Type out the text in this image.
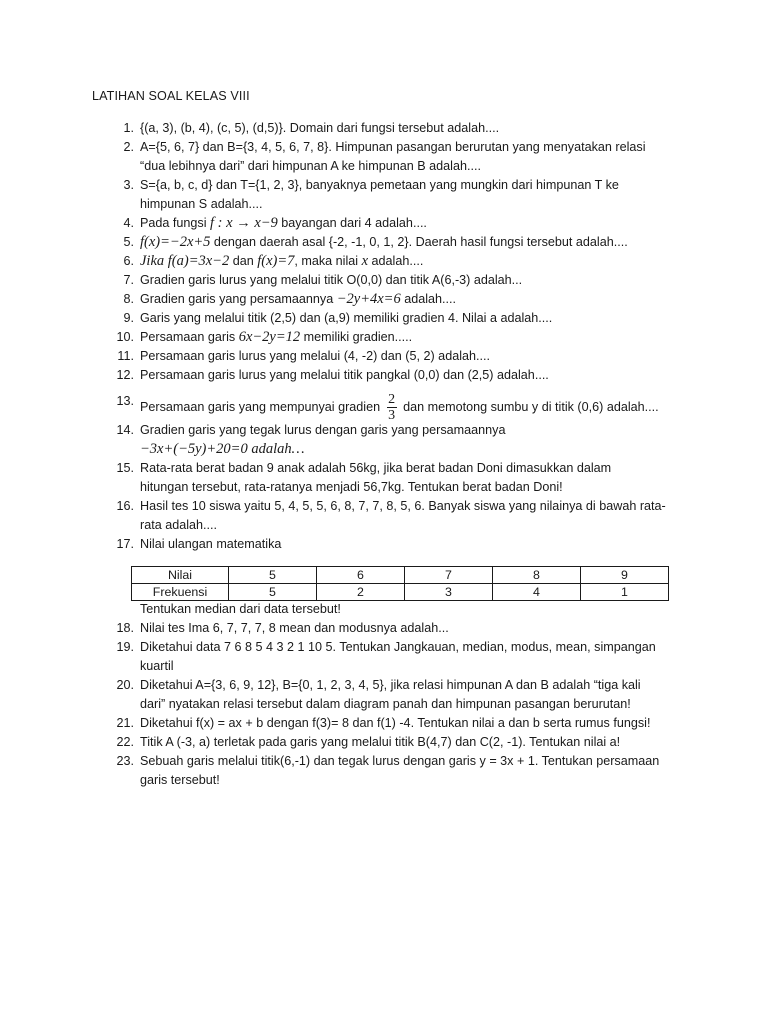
LATIHAN SOAL KELAS VIII
1. {(a, 3), (b, 4), (c, 5), (d,5)}. Domain dari fungsi tersebut adalah....
2. A={5, 6, 7} dan B={3, 4, 5, 6, 7, 8}. Himpunan pasangan berurutan yang menyatakan relasi
“dua lebihnya dari” dari himpunan A ke himpunan B adalah....
3. S={a, b, c, d} dan T={1, 2, 3}, banyaknya pemetaan yang mungkin dari himpunan T ke
himpunan S adalah....
4. Pada fungsi f : x → x−9 bayangan dari 4 adalah....
5. f(x)=−2x+5 dengan daerah asal {-2, -1, 0, 1, 2}. Daerah hasil fungsi tersebut adalah....
6. Jika f(a)=3x−2 dan f(x)=7, maka nilai x adalah....
7. Gradien garis lurus yang melalui titik O(0,0) dan titik A(6,-3) adalah...
8. Gradien garis yang persamaannya −2y+4x=6 adalah....
9. Garis yang melalui titik (2,5) dan (a,9) memiliki gradien 4. Nilai a adalah....
10. Persamaan garis 6x−2y=12 memiliki gradien.....
11. Persamaan garis lurus yang melalui (4, -2) dan (5, 2) adalah....
12. Persamaan garis lurus yang melalui titik pangkal (0,0) dan (2,5) adalah....
13. Persamaan garis yang mempunyai gradien $\frac{2}{3}$ dan memotong sumbu y di titik (0,6) adalah....
14. Gradien garis yang tegak lurus dengan garis yang persamaannya
−3x+(−5y)+20=0 adalah…
15. Rata-rata berat badan 9 anak adalah 56kg, jika berat badan Doni dimasukkan dalam
hitungan tersebut, rata-ratanya menjadi 56,7kg. Tentukan berat badan Doni!
16. Hasil tes 10 siswa yaitu 5, 4, 5, 5, 6, 8, 7, 7, 8, 5, 6. Banyak siswa yang nilainya di bawah rata-
rata adalah....
17. Nilai ulangan matematika
Tentukan median dari data tersebut!
18. Nilai tes Ima 6, 7, 7, 7, 8 mean dan modusnya adalah...
19. Diketahui data 7 6 8 5 4 3 2 1 10 5. Tentukan Jangkauan, median, modus, mean, simpangan
kuartil
20. Diketahui A={3, 6, 9, 12}, B={0, 1, 2, 3, 4, 5}, jika relasi himpunan A dan B adalah “tiga kali
dari” nyatakan relasi tersebut dalam diagram panah dan himpunan pasangan berurutan!
21. Diketahui f(x) = ax + b dengan f(3)= 8 dan f(1) -4. Tentukan nilai a dan b serta rumus fungsi!
22. Titik A (-3, a) terletak pada garis yang melalui titik B(4,7) dan C(2, -1). Tentukan nilai a!
23. Sebuah garis melalui titik(6,-1) dan tegak lurus dengan garis y = 3x + 1. Tentukan persamaan
garis tersebut!
Nilai	5	6	7	8	9
Frekuensi	5	2	3	4	1
